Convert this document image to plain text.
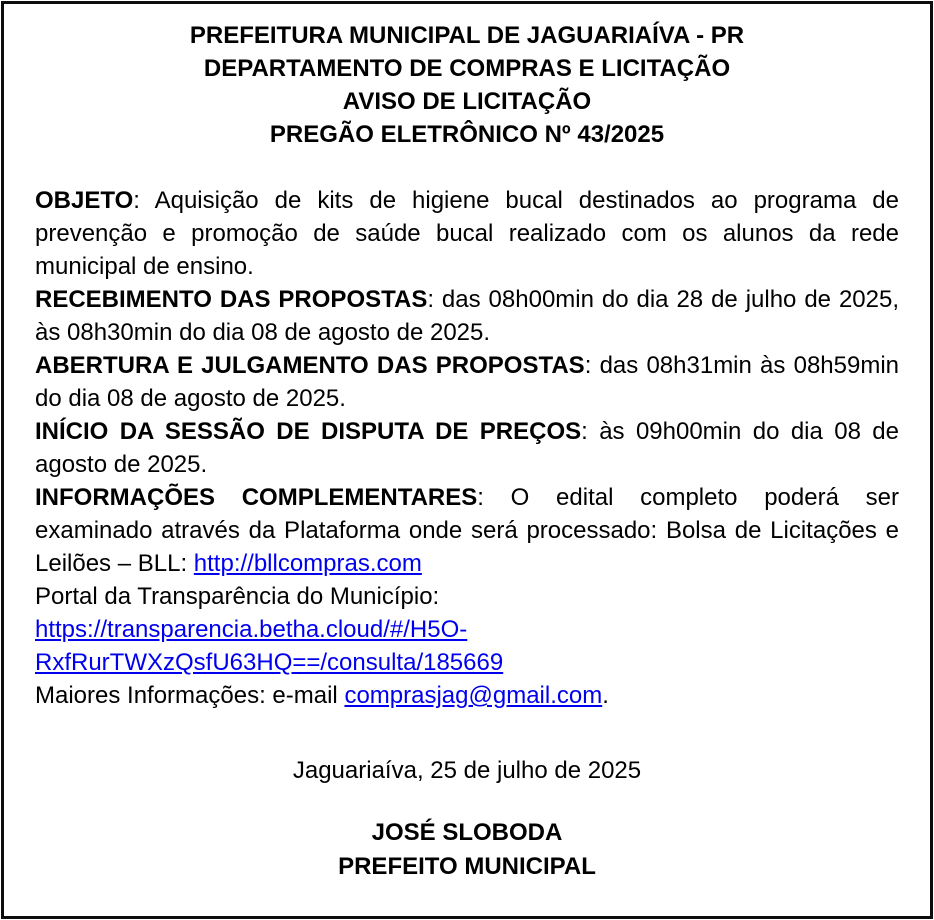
PREFEITURA MUNICIPAL DE JAGUARIAÍVA - PR
DEPARTAMENTO DE COMPRAS E LICITAÇÃO
AVISO DE LICITAÇÃO
PREGÃO ELETRÔNICO Nº 43/2025
OBJETO: Aquisição de kits de higiene bucal destinados ao programa de prevenção e promoção de saúde bucal realizado com os alunos da rede municipal de ensino.
RECEBIMENTO DAS PROPOSTAS: das 08h00min do dia 28 de julho de 2025, às 08h30min do dia 08 de agosto de 2025.
ABERTURA E JULGAMENTO DAS PROPOSTAS: das 08h31min às 08h59min do dia 08 de agosto de 2025.
INÍCIO DA SESSÃO DE DISPUTA DE PREÇOS: às 09h00min do dia 08 de agosto de 2025.
INFORMAÇÕES COMPLEMENTARES: O edital completo poderá ser examinado através da Plataforma onde será processado: Bolsa de Licitações e Leilões – BLL: http://bllcompras.com
Portal da Transparência do Município:
https://transparencia.betha.cloud/#/H5O-RxfRurTWXzQsfU63HQ==/consulta/185669
Maiores Informações: e-mail comprasjag@gmail.com.
Jaguariaíva, 25 de julho de 2025
JOSÉ SLOBODA
PREFEITO MUNICIPAL
